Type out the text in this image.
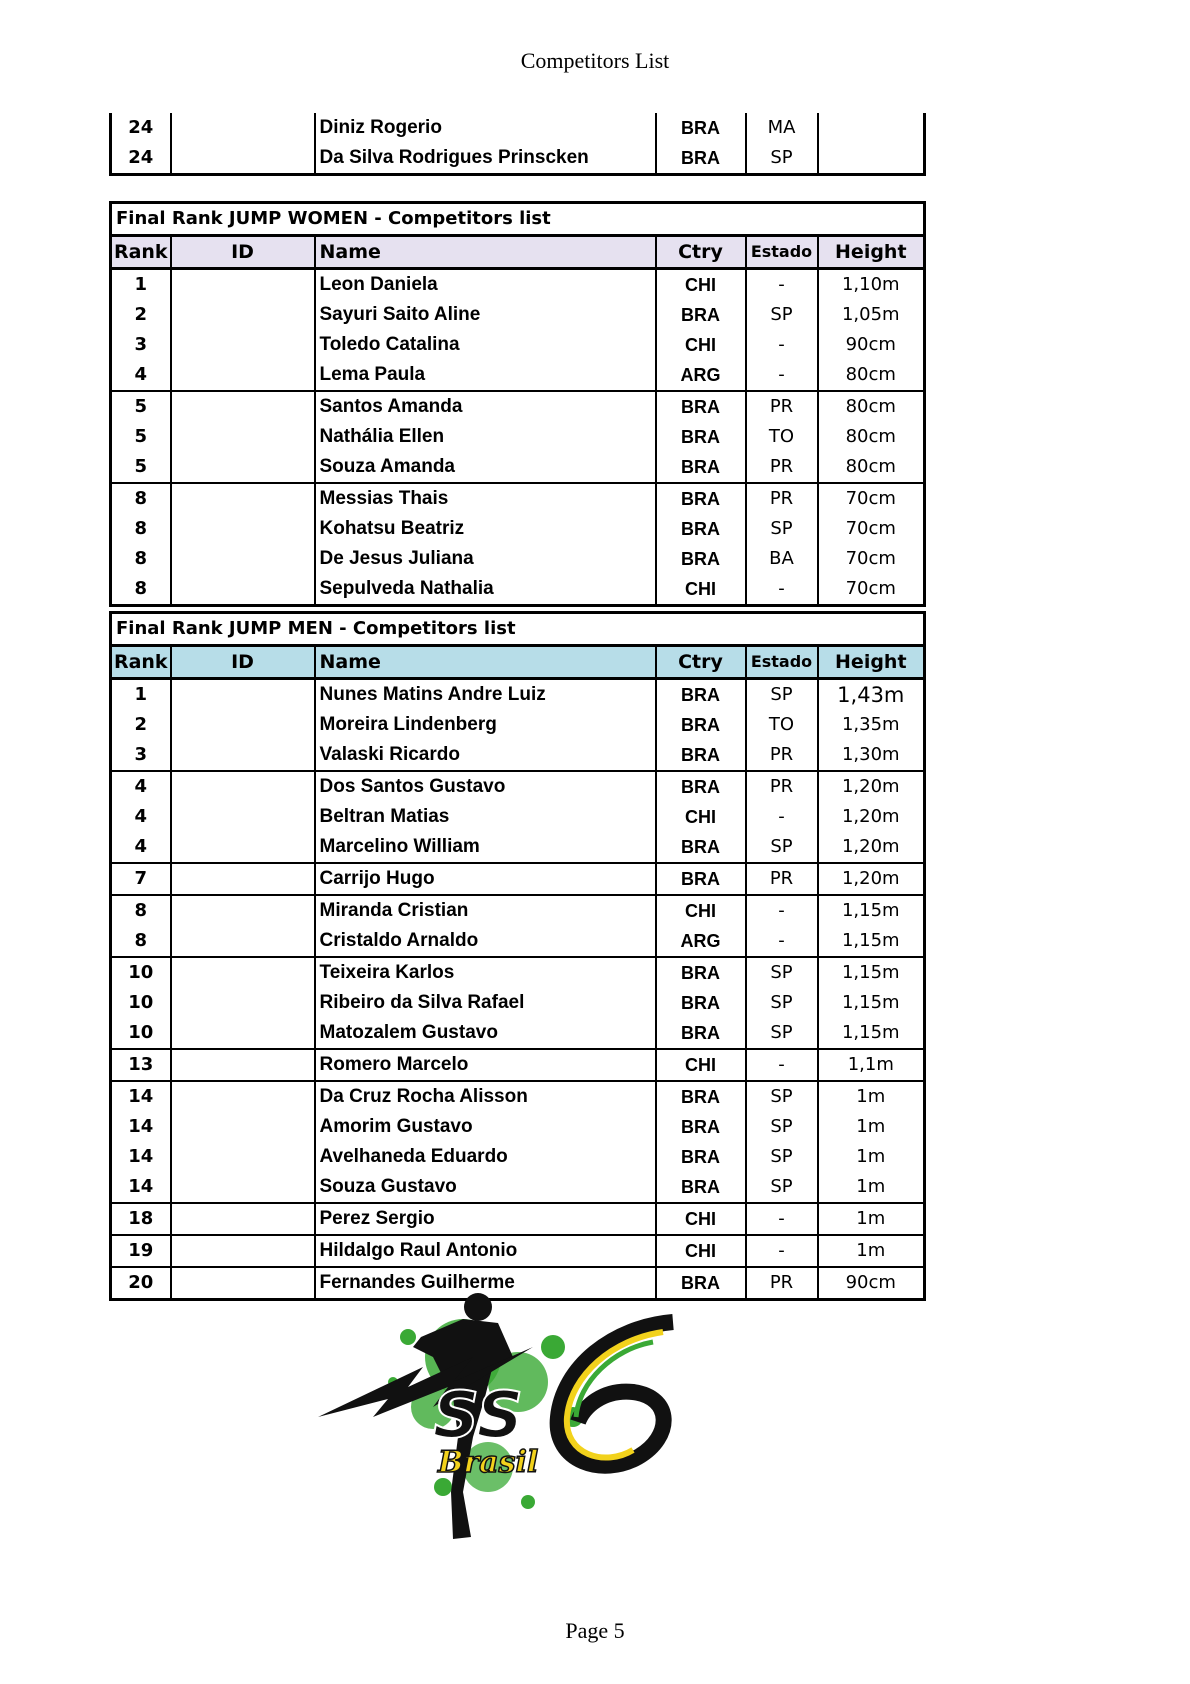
Competitors List
24		Diniz Rogerio	BRA	MA	
24		Da Silva Rodrigues Prinscken	BRA	SP	
Final Rank JUMP WOMEN - Competitors list					
Rank	ID	Name	Ctry	Estado	Height
1		Leon Daniela	CHI	-	1,10m
2		Sayuri Saito Aline	BRA	SP	1,05m
3		Toledo Catalina	CHI	-	90cm
4		Lema Paula	ARG	-	80cm
5		Santos Amanda	BRA	PR	80cm
5		Nathália Ellen	BRA	TO	80cm
5		Souza Amanda	BRA	PR	80cm
8		Messias Thais	BRA	PR	70cm
8		Kohatsu Beatriz	BRA	SP	70cm
8		De Jesus Juliana	BRA	BA	70cm
8		Sepulveda Nathalia	CHI	-	70cm
Final Rank JUMP MEN - Competitors list					
Rank	ID	Name	Ctry	Estado	Height
1		Nunes Matins Andre Luiz	BRA	SP	1,43m
2		Moreira Lindenberg	BRA	TO	1,35m
3		Valaski Ricardo	BRA	PR	1,30m
4		Dos Santos Gustavo	BRA	PR	1,20m
4		Beltran Matias	CHI	-	1,20m
4		Marcelino William	BRA	SP	1,20m
7		Carrijo Hugo	BRA	PR	1,20m
8		Miranda Cristian	CHI	-	1,15m
8		Cristaldo Arnaldo	ARG	-	1,15m
10		Teixeira Karlos	BRA	SP	1,15m
10		Ribeiro da Silva Rafael	BRA	SP	1,15m
10		Matozalem Gustavo	BRA	SP	1,15m
13		Romero Marcelo	CHI	-	1,1m
14		Da Cruz Rocha Alisson	BRA	SP	1m
14		Amorim Gustavo	BRA	SP	1m
14		Avelhaneda Eduardo	BRA	SP	1m
14		Souza Gustavo	BRA	SP	1m
18		Perez Sergio	CHI	-	1m
19		Hildalgo Raul Antonio	CHI	-	1m
20		Fernandes Guilherme	BRA	PR	90cm
SS
Brasil
Page 5
